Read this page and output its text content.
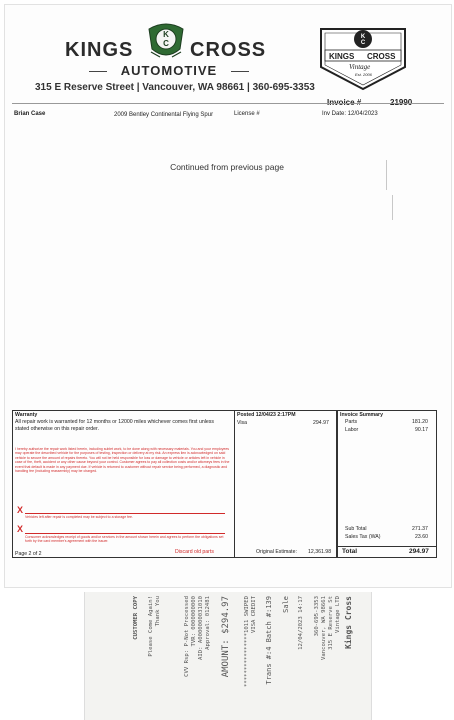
K
C
KINGS	CROSS
AUTOMOTIVE
315 E Reserve Street | Vancouver, WA 98661 | 360-695-3353
K
C
KINGS CROSS
Vintage
Est. 2006
Brian Case	2009 Bentley Continental Flying Spur	License #	Inv Date: 12/04/2023
Continued from previous page
Warranty
All repair work is warranted for 12 months or 12000 miles whichever comes first unless stated otherwise on this repair order.
I hereby authorize the repair work listed herein, including sublet work, to be done along with necessary materials. You and your employees may operate the described vehicle for the purposes of testing, inspection or delivery at my risk. An express lien is acknowledged on said vehicle to secure the amount of repairs thereto. You will not be held responsible for loss or damage to vehicle or articles left in vehicle in case of fire, theft, accident or any other cause beyond your control. Customer agrees to pay all collection costs and/or attorneys fees in the event that default is made in any payment due. If vehicle is returned to customer without repair service being performed, a diagnostic and handling fee (including reassembly) may be charged.
X
Vehicles left after repair is completed may be subject to a storage fee.
X
Consumer acknowledges receipt of goods and/or services in the amount shown herein and agrees to perform the obligations set forth by the card member's agreement with the issuer.
Page 2 of 2	Discard old parts
Posted 12/04/23 2:17PM
Visa	294.97
Original Estimate: 12,361.98
Invoice Summary
Parts	181.20
Labor	90.17
Sub Total	271.37
Sales Tax (WA)	23.60
Total	294.97
Kings Cross
Vintage LTD
315 E Reserve St
Vancouver, WA 98661
360-695-3353
12/04/2023 14:17
Sale
Trans #:4 Batch #:139
VISA CREDIT
****************1011 SWIPED
AMOUNT: $294.97
Approval: 012481
AID: A0000000031010
TVR: 0000000000
CVV Rsp: P-Not Processed
Thank You
Please Come Again!
CUSTOMER COPY
